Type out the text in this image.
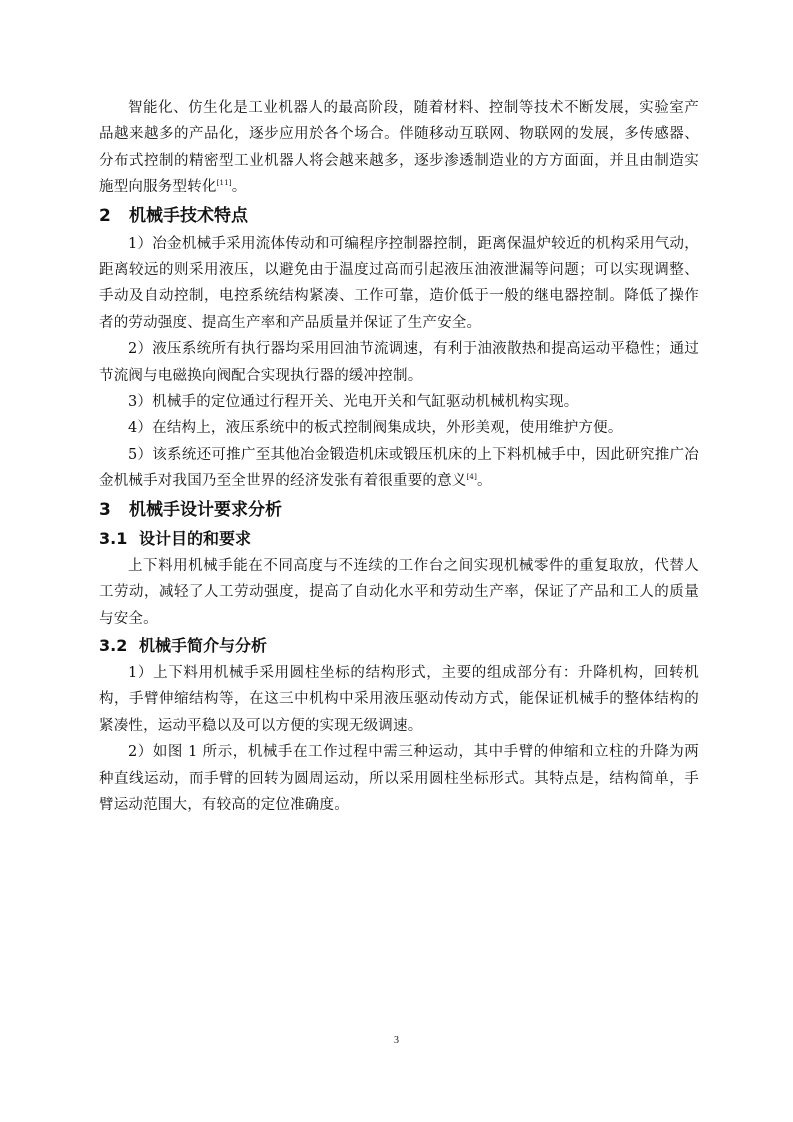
智能化、仿生化是工业机器人的最高阶段，随着材料、控制等技术不断发展，实验室产品越来越多的产品化，逐步应用於各个场合。伴随移动互联网、物联网的发展，多传感器、分布式控制的精密型工业机器人将会越来越多，逐步渗透制造业的方方面面，并且由制造实施型向服务型转化[11]。

2 机械手技术特点

1）冶金机械手采用流体传动和可编程序控制器控制，距离保温炉较近的机构采用气动，距离较远的则采用液压，以避免由于温度过高而引起液压油液泄漏等问题；可以实现调整、手动及自动控制，电控系统结构紧凑、工作可靠，造价低于一般的继电器控制。降低了操作者的劳动强度、提高生产率和产品质量并保证了生产安全。

2）液压系统所有执行器均采用回油节流调速，有利于油液散热和提高运动平稳性；通过节流阀与电磁换向阀配合实现执行器的缓冲控制。

3）机械手的定位通过行程开关、光电开关和气缸驱动机械机构实现。

4）在结构上，液压系统中的板式控制阀集成块，外形美观，使用维护方便。

5）该系统还可推广至其他冶金锻造机床或锻压机床的上下料机械手中，因此研究推广冶金机械手对我国乃至全世界的经济发张有着很重要的意义[4]。

3 机械手设计要求分析
3.1 设计目的和要求

上下料用机械手能在不同高度与不连续的工作台之间实现机械零件的重复取放，代替人工劳动，减轻了人工劳动强度，提高了自动化水平和劳动生产率，保证了产品和工人的质量与安全。

3.2 机械手简介与分析

1）上下料用机械手采用圆柱坐标的结构形式，主要的组成部分有：升降机构，回转机构，手臂伸缩结构等，在这三中机构中采用液压驱动传动方式，能保证机械手的整体结构的紧凑性，运动平稳以及可以方便的实现无级调速。

2）如图 1 所示，机械手在工作过程中需三种运动，其中手臂的伸缩和立柱的升降为两种直线运动，而手臂的回转为圆周运动，所以采用圆柱坐标形式。其特点是，结构简单，手臂运动范围大，有较高的定位准确度。

3
